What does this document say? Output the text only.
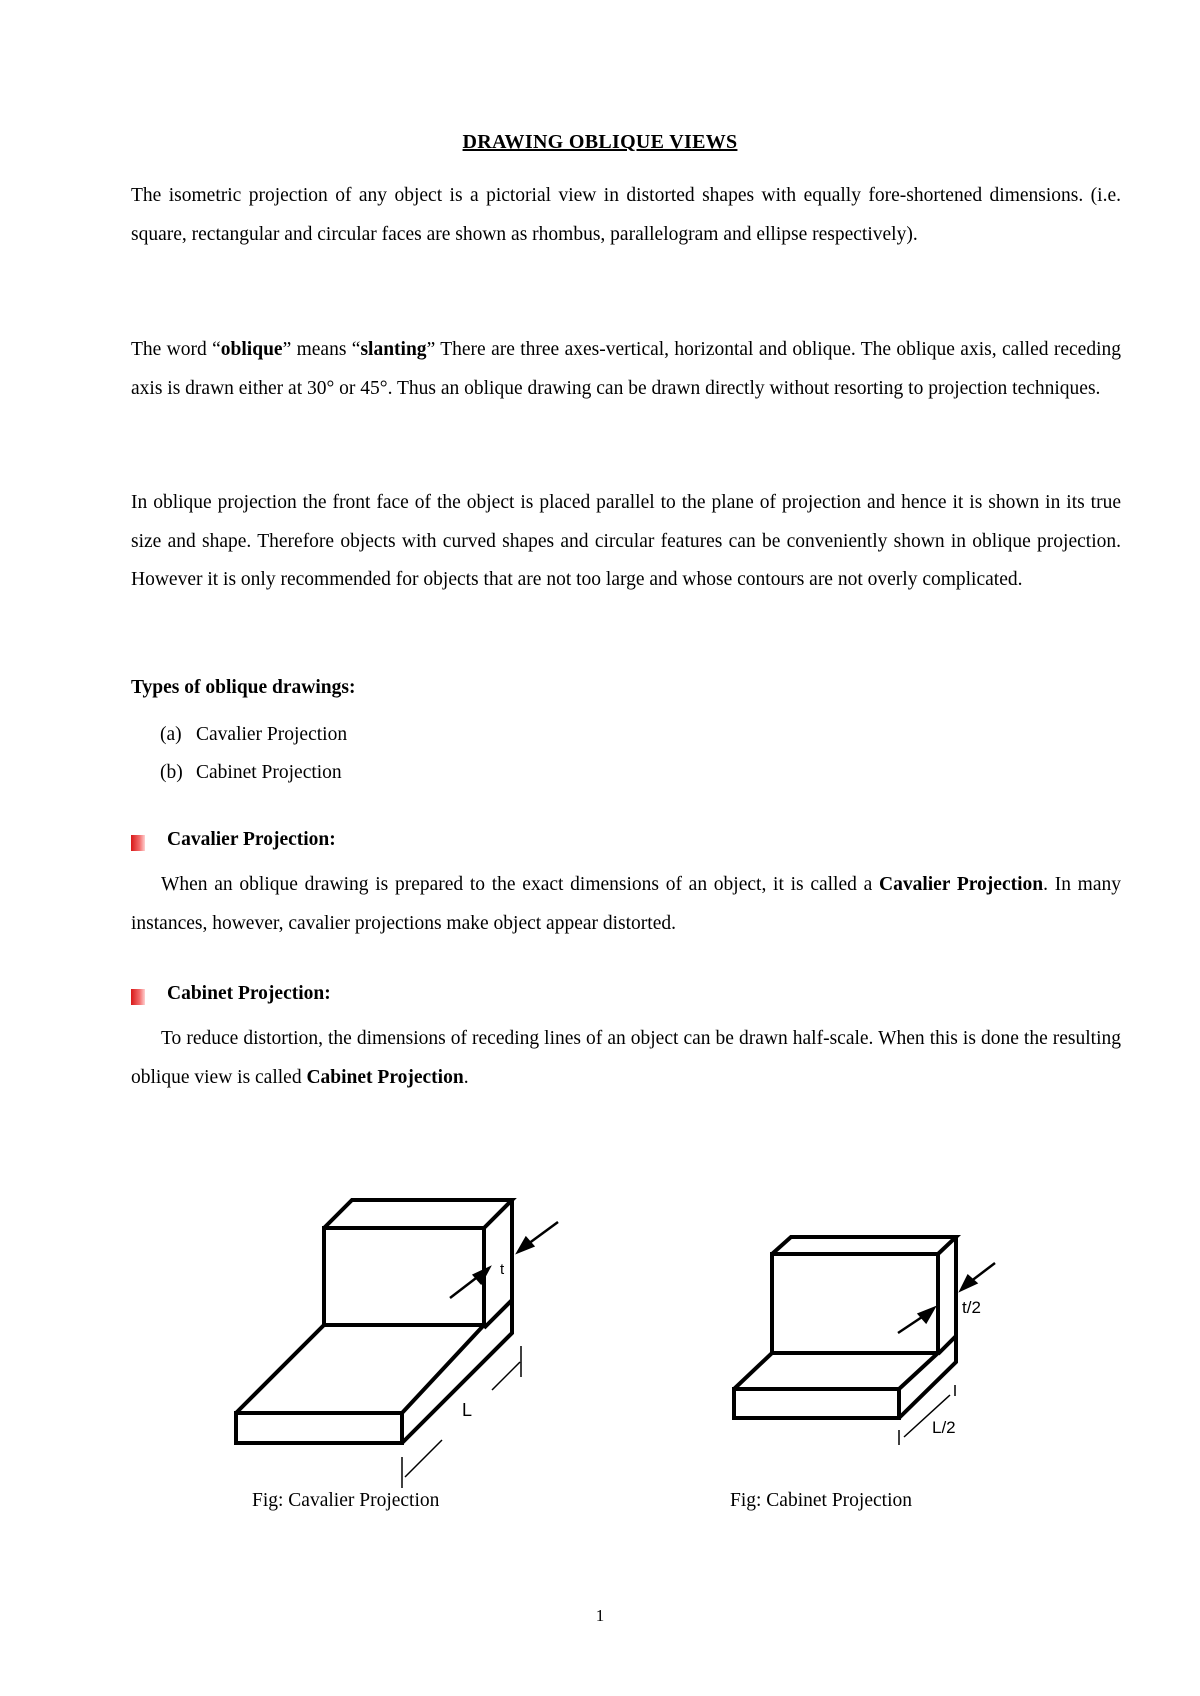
DRAWING OBLIQUE VIEWS

The isometric projection of any object is a pictorial view in distorted shapes with equally fore-shortened dimensions. (i.e. square, rectangular and circular faces are shown as rhombus, parallelogram and ellipse respectively).

The word “oblique” means “slanting” There are three axes-vertical, horizontal and oblique. The oblique axis, called receding axis is drawn either at 30° or 45°. Thus an oblique drawing can be drawn directly without resorting to projection techniques.

In oblique projection the front face of the object is placed parallel to the plane of projection and hence it is shown in its true size and shape. Therefore objects with curved shapes and circular features can be conveniently shown in oblique projection. However it is only recommended for objects that are not too large and whose contours are not overly complicated.

Types of oblique drawings:
(a) Cavalier Projection
(b) Cabinet Projection
Cavalier Projection:

When an oblique drawing is prepared to the exact dimensions of an object, it is called a Cavalier Projection. In many instances, however, cavalier projections make object appear distorted.

Cabinet Projection:

To reduce distortion, the dimensions of receding lines of an object can be drawn half-scale. When this is done the resulting oblique view is called Cabinet Projection.

t
L
t/2
L/2
Fig: Cavalier Projection	Fig: Cabinet Projection
1
